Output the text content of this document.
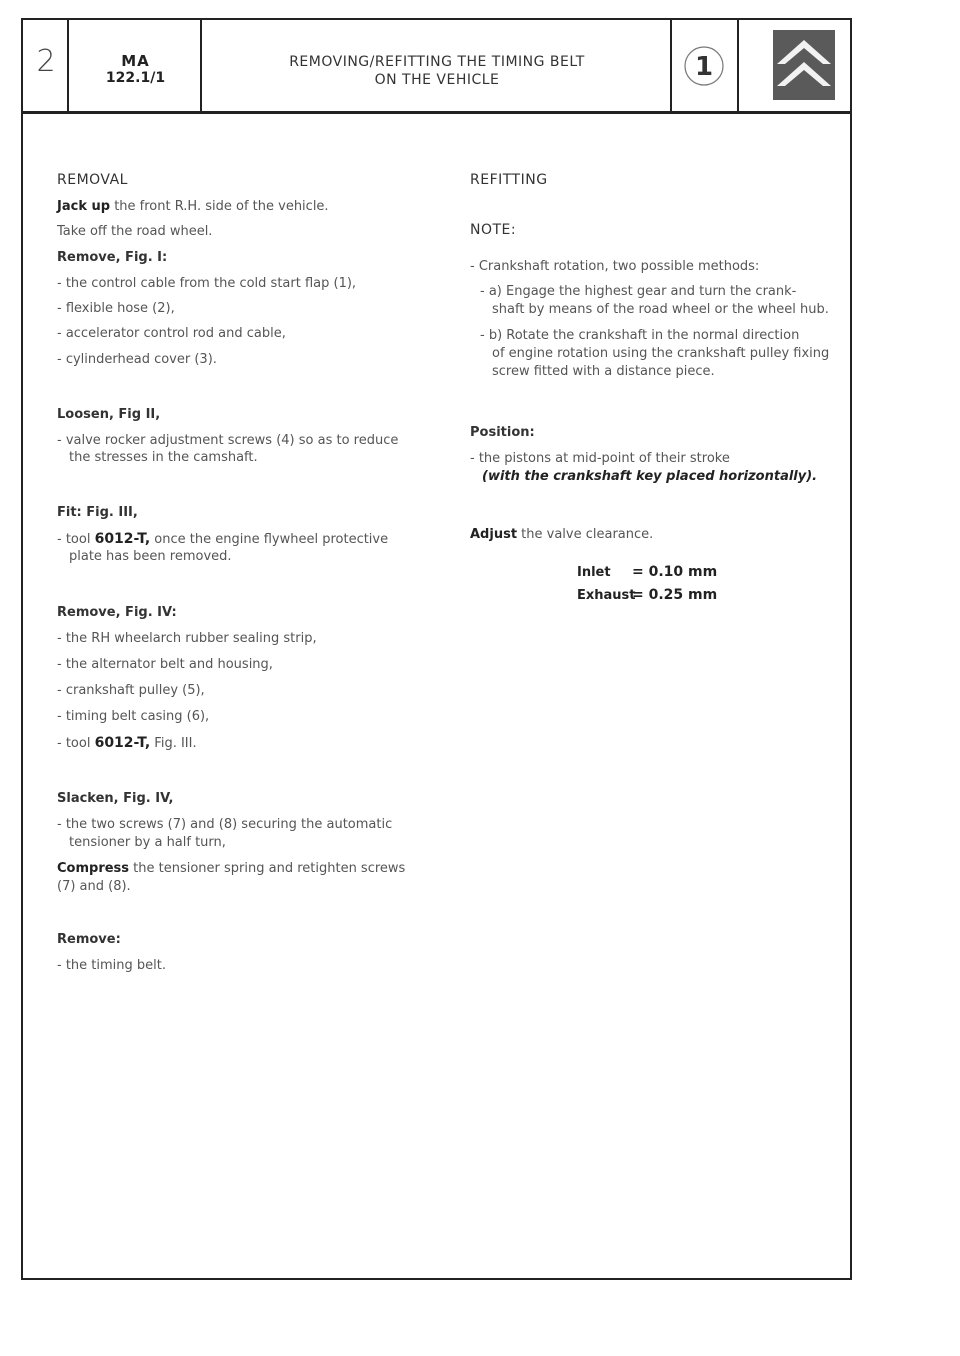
2	MA
122.1/1
REMOVING/REFITTING THE TIMING BELT
ON THE VEHICLE	1
REMOVAL
Jack up the front R.H. side of the vehicle.
Take off the road wheel.
Remove, Fig. I:
- the control cable from the cold start flap (1),
- flexible hose (2),
- accelerator control rod and cable,
- cylinderhead cover (3).
Loosen, Fig II,
- valve rocker adjustment screws (4) so as to reduce
the stresses in the camshaft.
Fit: Fig. III,
- tool 6012-T, once the engine flywheel protective
plate has been removed.
Remove, Fig. IV:
- the RH wheelarch rubber sealing strip,
- the alternator belt and housing,
- crankshaft pulley (5),
- timing belt casing (6),
- tool 6012-T, Fig. III.
Slacken, Fig. IV,
- the two screws (7) and (8) securing the automatic
tensioner by a half turn,
Compress the tensioner spring and retighten screws
(7) and (8).
Remove:
- the timing belt.
REFITTING
NOTE:
- Crankshaft rotation, two possible methods:
- a) Engage the highest gear and turn the crank-
shaft by means of the road wheel or the wheel hub.
- b) Rotate the crankshaft in the normal direction
of engine rotation using the crankshaft pulley fixing
screw fitted with a distance piece.
Position:
- the pistons at mid-point of their stroke
(with the crankshaft key placed horizontally).
Adjust the valve clearance.
Inlet = 0.10 mm
Exhaust
= 0.25 mm
